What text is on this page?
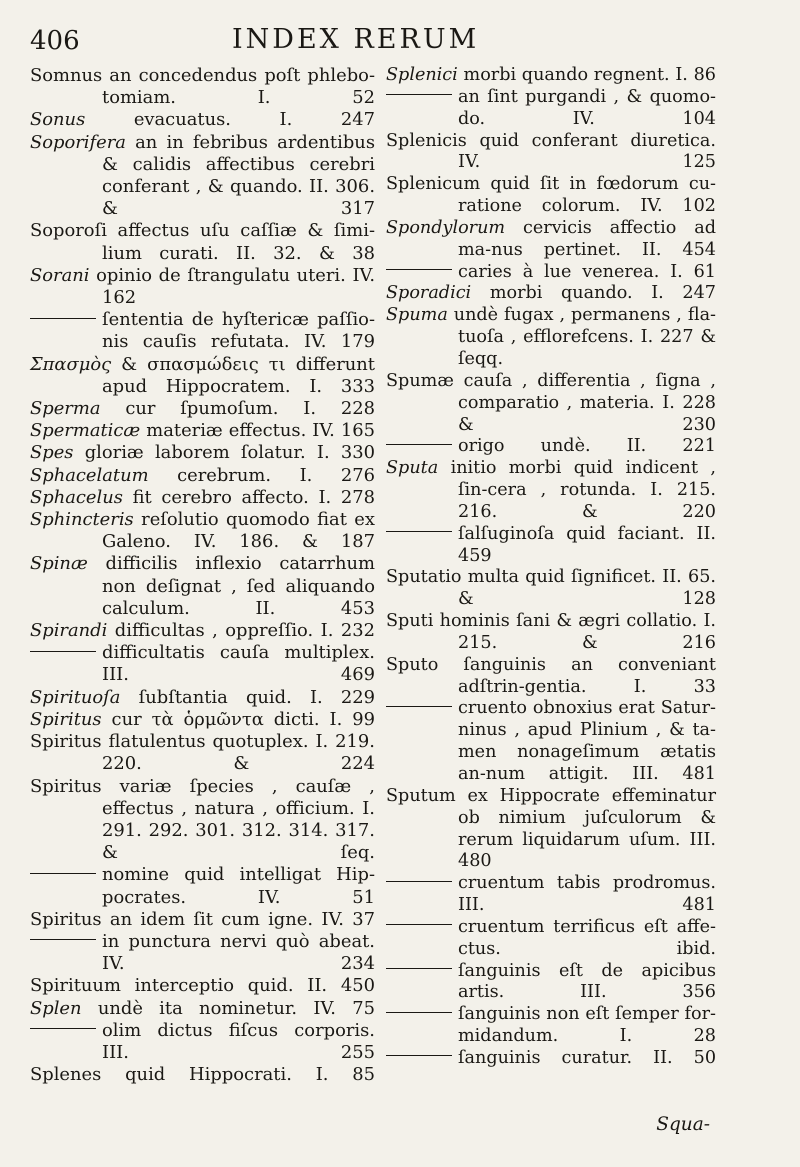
406	INDEX RERUM
Somnus an concedendus poſt phlebo-tomiam.	I. 52
Sonus evacuatus.	I. 247
Soporifera an in febribus ardentibus & calidis affectibus cerebri conferant , & quando. II. 306. & 317
Soporoſi affectus uſu caſſiæ & ſimi-lium curati. II. 32. & 38
Sorani opinio de ſtrangulatu uteri. IV. 162
ſententia de hyſtericæ paſſio-nis cauſis refutata. IV. 179
Σπασμὸς & σπασμώδεις τι differunt apud Hippocratem. I. 333
Sperma cur ſpumoſum. I. 228
Spermaticæ materiæ effectus. IV. 165
Spes gloriæ laborem ſolatur. I. 330
Sphacelatum cerebrum. I. 276
Sphacelus fit cerebro affecto. I. 278
Sphincteris reſolutio quomodo fiat ex Galeno. IV. 186. & 187
Spinæ difficilis inflexio catarrhum non deſignat , ſed aliquando calculum.	II. 453
Spirandi difficultas , oppreſſio. I. 232
difficultatis cauſa multiplex. III. 469
Spirituoſa ſubſtantia quid. I. 229
Spiritus cur τὰ ὁρμῶντα dicti. I. 99
Spiritus flatulentus quotuplex. I. 219. 220. & 224
Spiritus variæ ſpecies , cauſæ , effectus , natura , officium. I. 291. 292. 301. 312. 314. 317. & ſeq.
nomine quid intelligat Hip-pocrates.	IV. 51
Spiritus an idem ſit cum igne. IV. 37
in punctura nervi quò abeat. IV. 234
Spirituum interceptio quid. II. 450
Splen undè ita nominetur. IV. 75
olim dictus fiſcus corporis. III. 255
Splenes quid Hippocrati. I. 85
Splenici morbi quando regnent. I. 86
an ſint purgandi , & quomo-do.	IV. 104
Splenicis quid conferant diuretica. IV. 125
Splenicum quid ſit in fœdorum cu-ratione colorum. IV. 102
Spondylorum cervicis affectio ad ma-nus pertinet. II. 454
caries à lue venerea. I. 61
Sporadici morbi quando. I. 247
Spuma undè fugax , permanens , fla-tuoſa , efflorefcens. I. 227 & ſeqq.
Spumæ cauſa , differentia , ſigna , comparatio , materia. I. 228 & 230
origo undè. II. 221
Sputa initio morbi quid indicent , ſin-cera , rotunda. I. 215. 216. & 220
ſalſuginoſa quid faciant. II. 459
Sputatio multa quid ſignificet. II. 65. & 128
Sputi hominis ſani & ægri collatio. I. 215. & 216
Sputo ſanguinis an conveniant adſtrin-gentia.	I. 33
cruento obnoxius erat Satur-ninus , apud Plinium , & ta-men nonageſimum ætatis an-num attigit. III. 481
Sputum ex Hippocrate effeminatur ob nimium juſculorum & rerum liquidarum uſum. III. 480
cruentum tabis prodromus. III. 481
cruentum terrificus eſt affe-ctus.	ibid.
ſanguinis eſt de apicibus artis.	III. 356
ſanguinis non eſt ſemper for-midandum.	I. 28
ſanguinis curatur. II. 50
Squa-
